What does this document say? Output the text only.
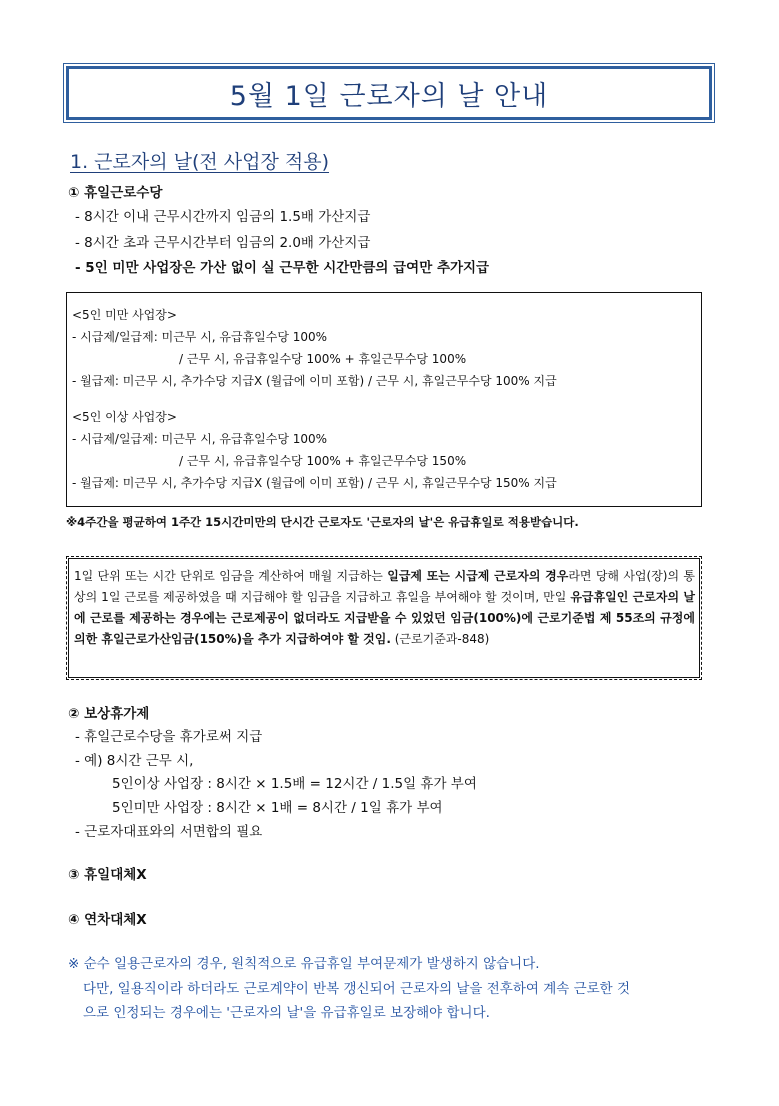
5월 1일 근로자의 날 안내
1. 근로자의 날(전 사업장 적용)
① 휴일근로수당
- 8시간 이내 근무시간까지 임금의 1.5배 가산지급
- 8시간 초과 근무시간부터 임금의 2.0배 가산지급
- 5인 미만 사업장은 가산 없이 실 근무한 시간만큼의 급여만 추가지급
<5인 미만 사업장>
- 시급제/일급제: 미근무 시, 유급휴일수당 100%
/ 근무 시, 유급휴일수당 100% + 휴일근무수당 100%
- 월급제: 미근무 시, 추가수당 지급X (월급에 이미 포함) / 근무 시, 휴일근무수당 100% 지급
<5인 이상 사업장>
- 시급제/일급제: 미근무 시, 유급휴일수당 100%
/ 근무 시, 유급휴일수당 100% + 휴일근무수당 150%
- 월급제: 미근무 시, 추가수당 지급X (월급에 이미 포함) / 근무 시, 휴일근무수당 150% 지급
※4주간을 평균하여 1주간 15시간미만의 단시간 근로자도 '근로자의 날'은 유급휴일로 적용받습니다.

1일 단위 또는 시간 단위로 임금을 계산하여 매월 지급하는 일급제 또는 시급제 근로자의 경우라면 당해 사업(장)의 통상의 1일 근로를 제공하였을 때 지급해야 할 임금을 지급하고 휴일을 부여해야 할 것이며, 만일 유급휴일인 근로자의 날에 근로를 제공하는 경우에는 근로제공이 없더라도 지급받을 수 있었던 임금(100%)에 근로기준법 제 55조의 규정에 의한 휴일근로가산임금(150%)을 추가 지급하여야 할 것임. (근로기준과-848)

② 보상휴가제
- 휴일근로수당을 휴가로써 지급
- 예) 8시간 근무 시,
5인이상 사업장 : 8시간 × 1.5배 = 12시간 / 1.5일 휴가 부여
5인미만 사업장 : 8시간 × 1배 = 8시간 / 1일 휴가 부여
- 근로자대표와의 서면합의 필요
③ 휴일대체Ⅹ
④ 연차대체Ⅹ
※ 순수 일용근로자의 경우, 원칙적으로 유급휴일 부여문제가 발생하지 않습니다.
다만, 일용직이라 하더라도 근로계약이 반복 갱신되어 근로자의 날을 전후하여 계속 근로한 것
으로 인정되는 경우에는 '근로자의 날'을 유급휴일로 보장해야 합니다.
